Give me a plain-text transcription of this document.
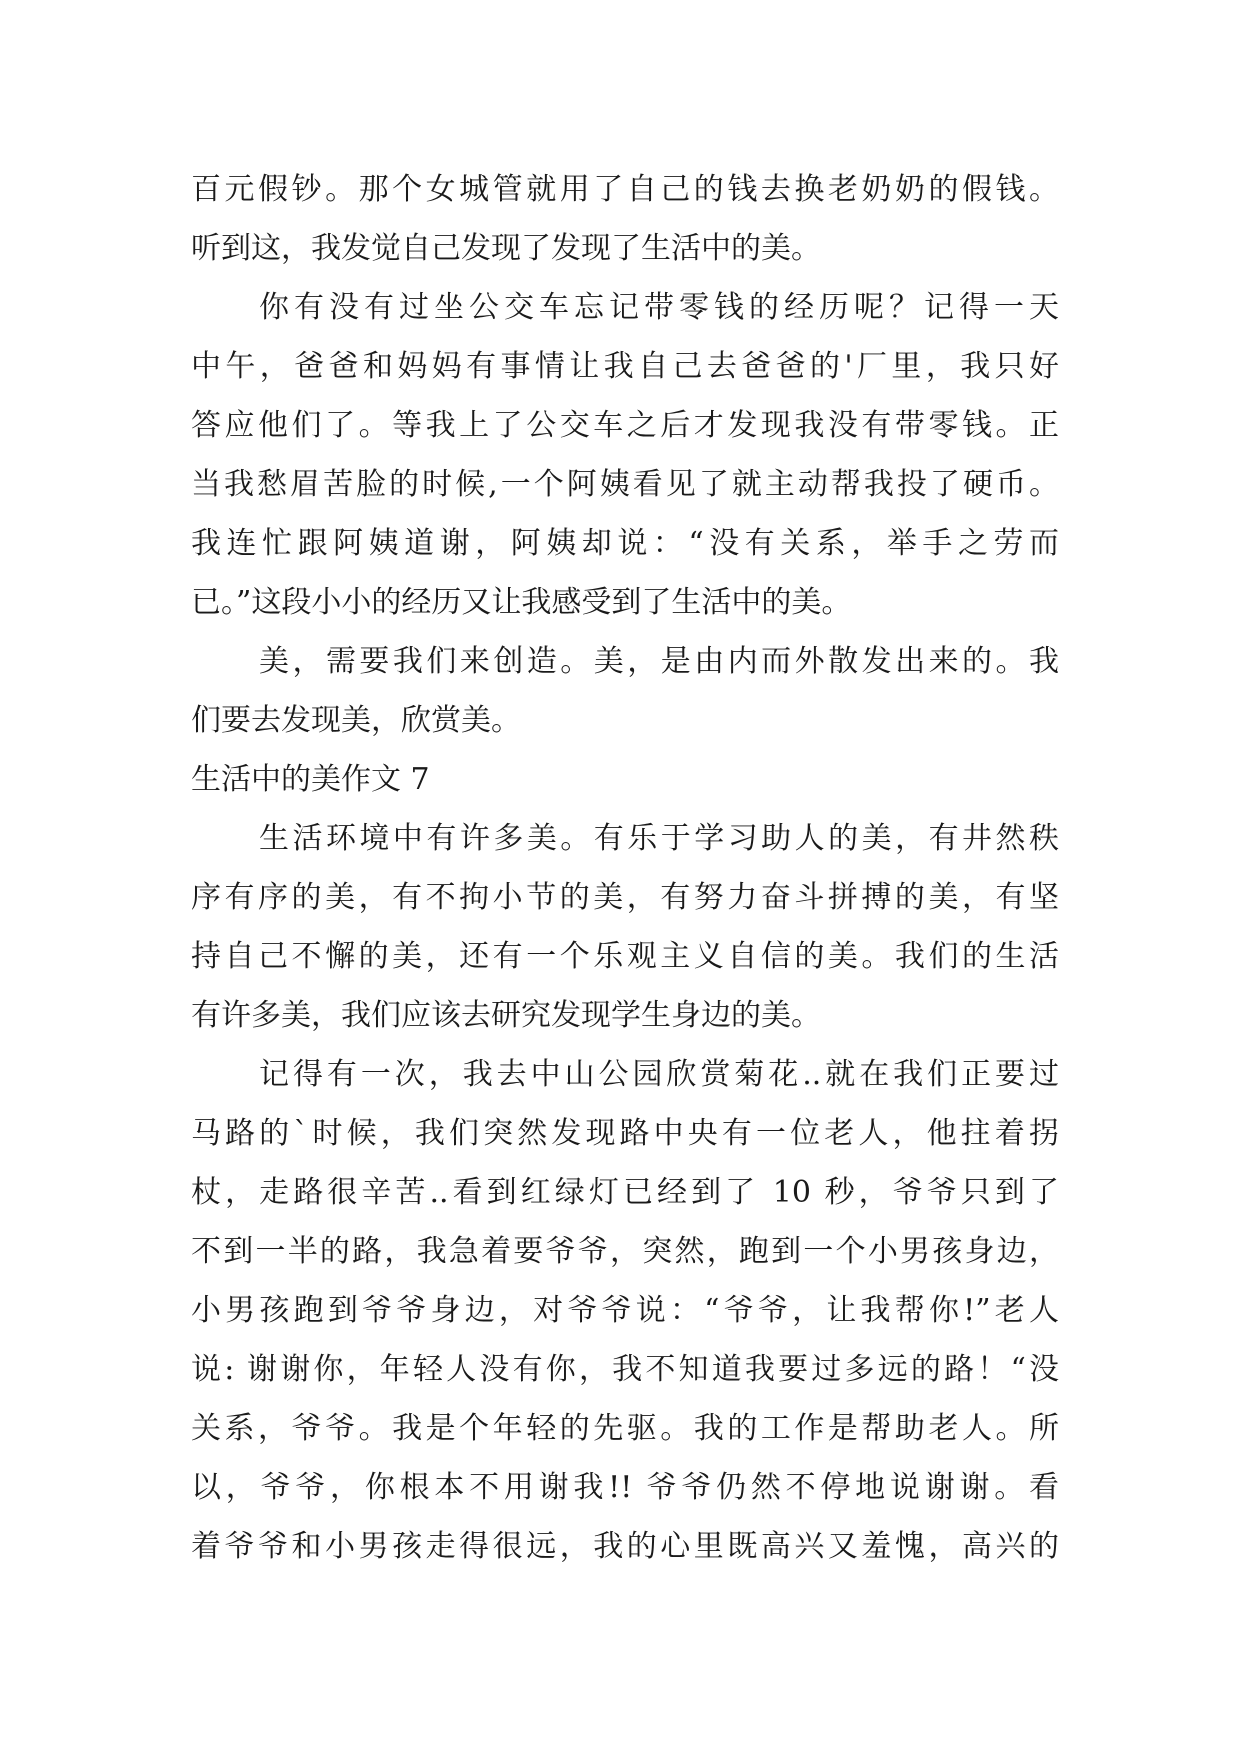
百元假钞。那个女城管就用了自己的钱去换老奶奶的假钱。
听到这，我发觉自己发现了发现了生活中的美。
你有没有过坐公交车忘记带零钱的经历呢？记得一天
中午，爸爸和妈妈有事情让我自己去爸爸的'厂里，我只好
答应他们了。等我上了公交车之后才发现我没有带零钱。正
当我愁眉苦脸的时候,一个阿姨看见了就主动帮我投了硬币。
我连忙跟阿姨道谢，阿姨却说：“没有关系，举手之劳而
已。”这段小小的经历又让我感受到了生活中的美。
美，需要我们来创造。美，是由内而外散发出来的。我
们要去发现美，欣赏美。
生活中的美作文 7
生活环境中有许多美。有乐于学习助人的美，有井然秩
序有序的美，有不拘小节的美，有努力奋斗拼搏的美，有坚
持自己不懈的美，还有一个乐观主义自信的美。我们的生活
有许多美，我们应该去研究发现学生身边的美。
记得有一次，我去中山公园欣赏菊花..就在我们正要过
马路的`时候，我们突然发现路中央有一位老人，他拄着拐
杖，走路很辛苦..看到红绿灯已经到了 10 秒，爷爷只到了
不到一半的路，我急着要爷爷，突然，跑到一个小男孩身边，
小男孩跑到爷爷身边，对爷爷说：“爷爷，让我帮你!”老人
说: 谢谢你，年轻人没有你，我不知道我要过多远的路！“没
关系，爷爷。我是个年轻的先驱。我的工作是帮助老人。所
以，爷爷，你根本不用谢我!! 爷爷仍然不停地说谢谢。看
着爷爷和小男孩走得很远，我的心里既高兴又羞愧，高兴的
